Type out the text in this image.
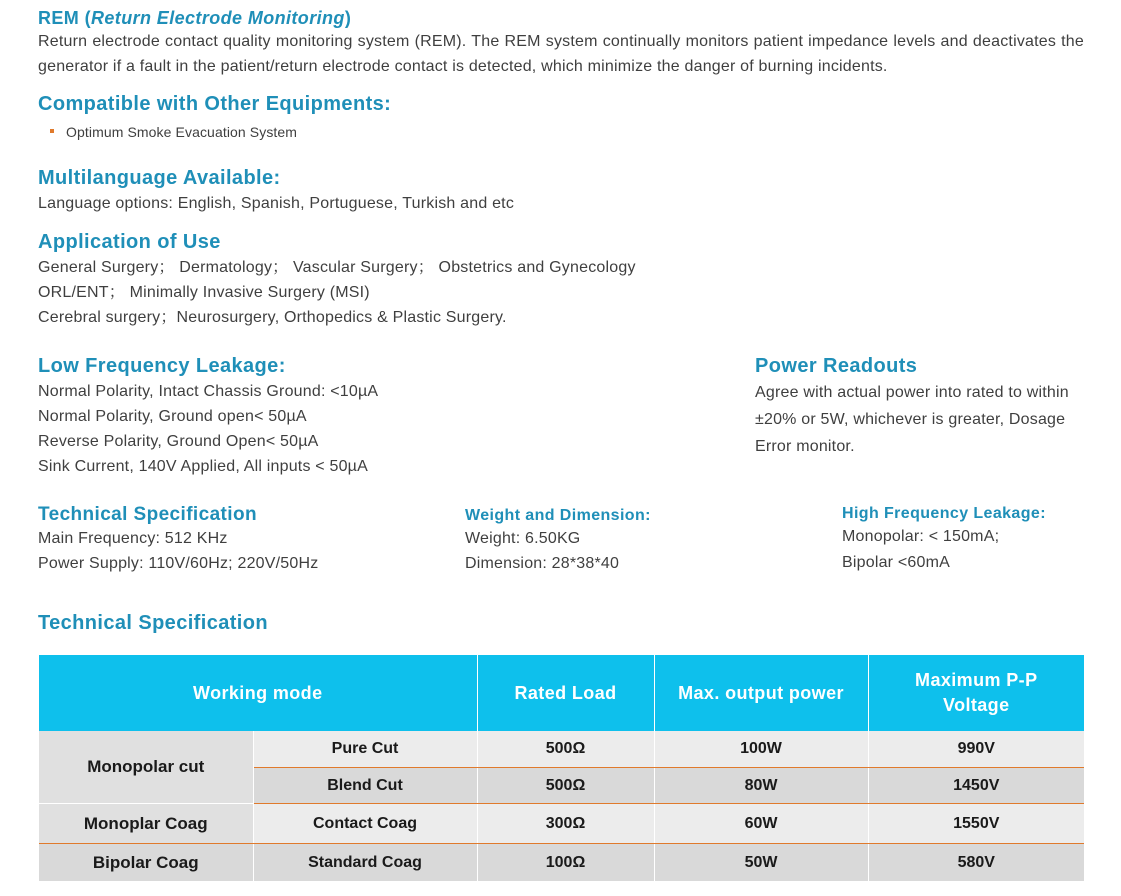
REM (Return Electrode Monitoring)
Return electrode contact quality monitoring system (REM). The REM system continually monitors patient impedance levels and deactivates the generator if a fault in the patient/return electrode contact is detected, which minimize the danger of burning incidents.
Compatible with Other Equipments:
Optimum Smoke Evacuation System
Multilanguage Available:
Language options: English, Spanish, Portuguese, Turkish and etc
Application of Use
General Surgery； Dermatology； Vascular Surgery； Obstetrics and Gynecology
ORL/ENT； Minimally Invasive Surgery (MSI)
Cerebral surgery；Neurosurgery, Orthopedics & Plastic Surgery.
Low Frequency Leakage:
Normal Polarity, Intact Chassis Ground: <10µA
Normal Polarity, Ground open< 50µA
Reverse Polarity, Ground Open< 50µA
Sink Current, 140V Applied, All inputs < 50µA
Power Readouts
Agree with actual power into rated to within
±20% or 5W, whichever is greater, Dosage
Error monitor.
Technical Specification
Main Frequency: 512 KHz
Power Supply: 110V/60Hz; 220V/50Hz
Weight and Dimension:
Weight: 6.50KG
Dimension: 28*38*40
High Frequency Leakage:
Monopolar: < 150mA;
Bipolar <60mA
Technical Specification
Working mode		Rated Load	Max. output power	Maximum P-P
Voltage
Monopolar cut	Pure Cut	500Ω	100W	990V
	Blend Cut	500Ω	80W	1450V
Monoplar Coag	Contact Coag	300Ω	60W	1550V
Bipolar Coag	Standard Coag	100Ω	50W	580V
